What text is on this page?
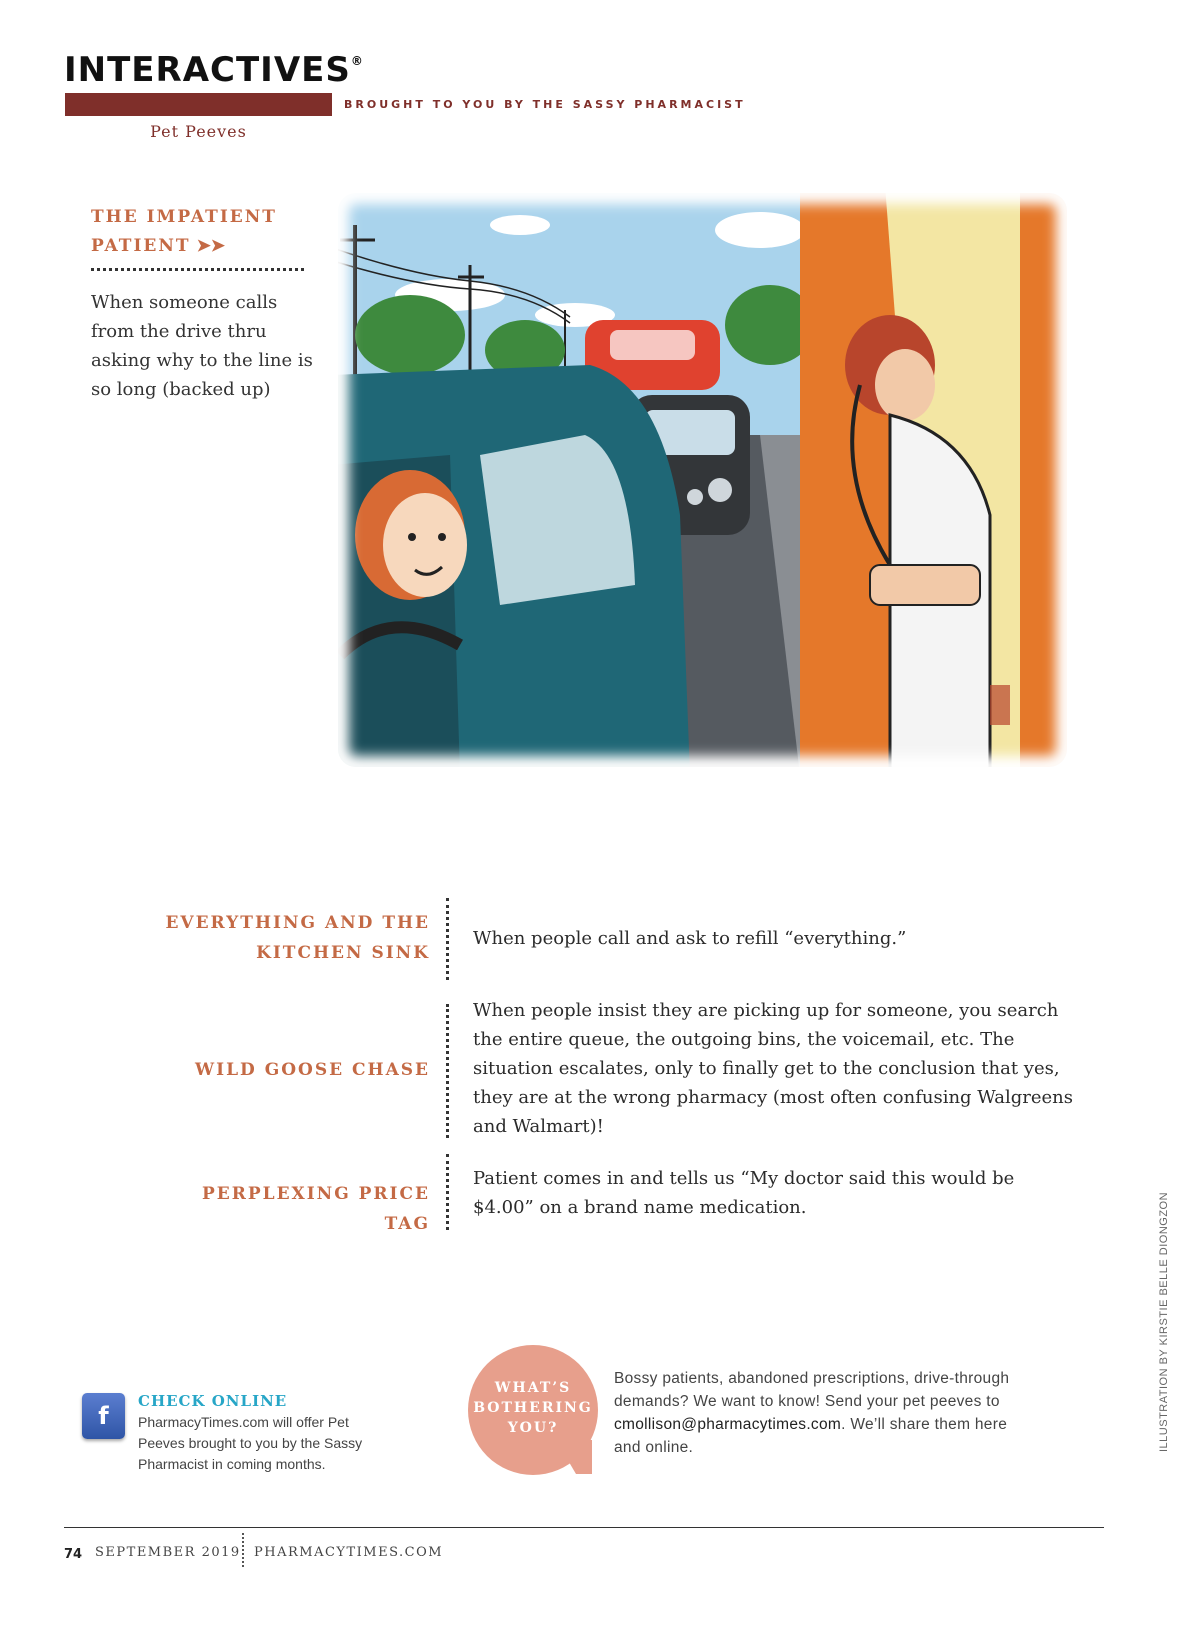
INTERACTIVES®
BROUGHT TO YOU BY THE SASSY PHARMACIST
Pet Peeves
THE IMPATIENT
PATIENT ➤➤
When someone calls from the drive thru asking why to the line is so long (backed up)
EVERYTHING AND THE
KITCHEN SINK
When people call and ask to refill “everything.”
WILD GOOSE CHASE
When people insist they are picking up for someone, you search the entire queue, the outgoing bins, the voicemail, etc. The situation escalates, only to finally get to the conclusion that yes, they are at the wrong pharmacy (most often confusing Walgreens and Walmart)!
PERPLEXING PRICE TAG
Patient comes in and tells us “My doctor said this would be $4.00” on a brand name medication.
f
CHECK ONLINE
PharmacyTimes.com will offer Pet Peeves brought to you by the Sassy Pharmacist in coming months.
WHAT’S
BOTHERING
YOU?
Bossy patients, abandoned prescriptions, drive-through demands? We want to know! Send your pet peeves to cmollison@pharmacytimes.com. We’ll share them here and online.	ILLUSTRATION BY KIRSTIE BELLE DIONGZON
74 SEPTEMBER 2019 PHARMACYTIMES.COM
